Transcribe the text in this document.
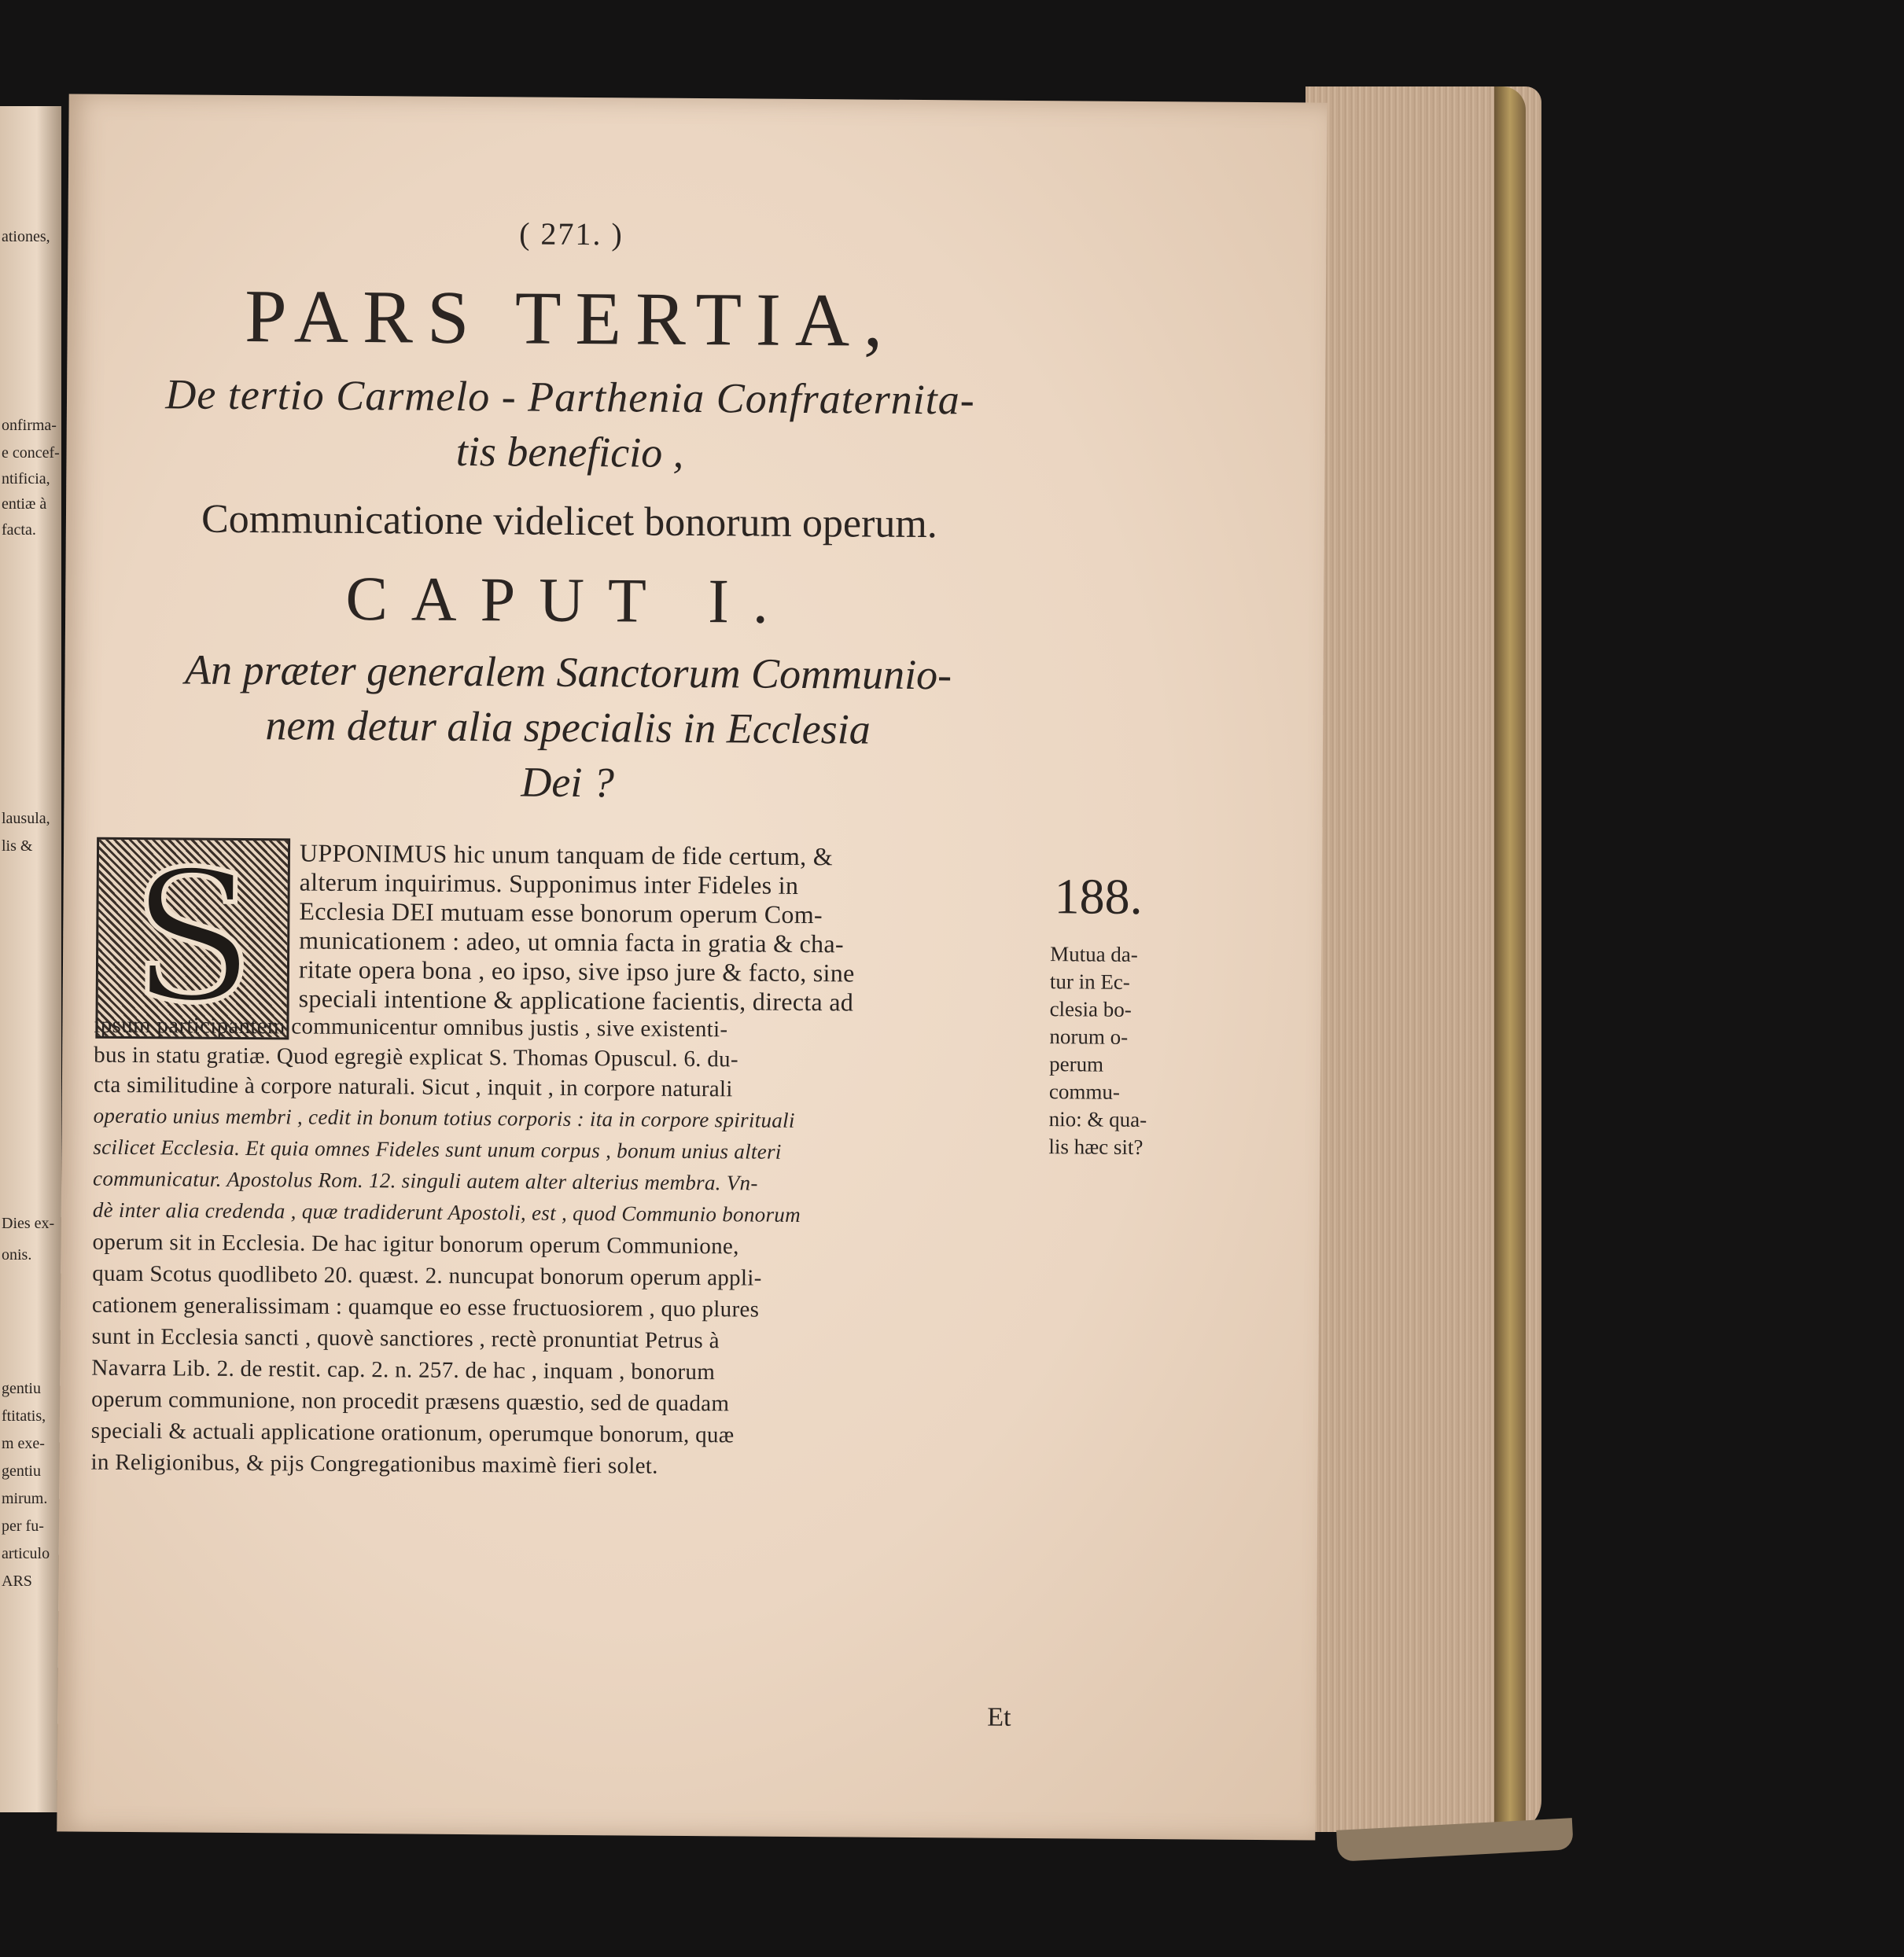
ationes,
onfirma-
e concef-
ntificia,
entiæ à
facta.
lausula,
lis &
Dies ex-
onis.
gentiu
ftitatis,
m exe-
gentiu
mirum.
per fu-
articulo
ARS
( 271. )
PARS TERTIA,
De tertio Carmelo - Parthenia Confraternita-
tis beneficio ,
Communicatione videlicet bonorum operum.
CAPUT I.
An præter generalem Sanctorum Communio-
nem detur alia specialis in Ecclesia
Dei ?
S	UPPONIMUS hic unum tanquam de fide certum, &
alterum inquirimus. Supponimus inter Fideles in
Ecclesia DEI mutuam esse bonorum operum Com-
municationem : adeo, ut omnia facta in gratia & cha-
ritate opera bona , eo ipso, sive ipso jure & facto, sine
speciali intentione & applicatione facientis, directa ad
ipsum participantem communicentur omnibus justis , sive existenti-
bus in statu gratiæ. Quod egregiè explicat S. Thomas Opuscul. 6. du-
cta similitudine à corpore naturali. Sicut , inquit , in corpore naturali
operatio unius membri , cedit in bonum totius corporis : ita in corpore spirituali
scilicet Ecclesia. Et quia omnes Fideles sunt unum corpus , bonum unius alteri
communicatur. Apostolus Rom. 12. singuli autem alter alterius membra. Vn-
dè inter alia credenda , quæ tradiderunt Apostoli, est , quod Communio bonorum
operum sit in Ecclesia. De hac igitur bonorum operum Communione,
quam Scotus quodlibeto 20. quæst. 2. nuncupat bonorum operum appli-
cationem generalissimam : quamque eo esse fructuosiorem , quo plures
sunt in Ecclesia sancti , quovè sanctiores , rectè pronuntiat Petrus à
Navarra Lib. 2. de restit. cap. 2. n. 257. de hac , inquam , bonorum
operum communione, non procedit præsens quæstio, sed de quadam
speciali & actuali applicatione orationum, operumque bonorum, quæ
in Religionibus, & pijs Congregationibus maximè fieri solet.
188.
Mutua da-
tur in Ec-
clesia bo-
norum o-
perum
commu-
nio: & qua-
lis hæc sit?
Et
